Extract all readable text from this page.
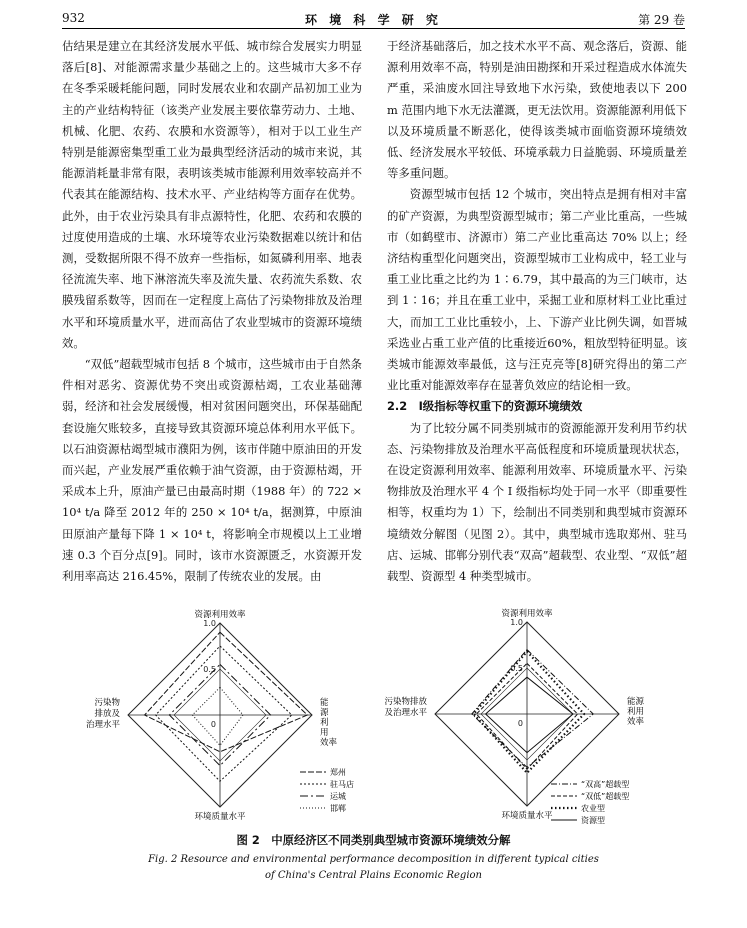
932	环 境 科 学 研 究	第 29 卷

估结果是建立在其经济发展水平低、城市综合发展实力明显落后[8]、对能源需求量少基础之上的。这些城市大多不存在冬季采暖耗能问题，同时发展农业和农副产品初加工业为主的产业结构特征（该类产业发展主要依靠劳动力、土地、机械、化肥、农药、农膜和水资源等），相对于以工业生产特别是能源密集型重工业为最典型经济活动的城市来说，其能源消耗量非常有限，表明该类城市能源利用效率较高并不代表其在能源结构、技术水平、产业结构等方面存在优势。此外，由于农业污染具有非点源特性，化肥、农药和农膜的过度使用造成的土壤、水环境等农业污染数据难以统计和估测，受数据所限不得不放弃一些指标，如氮磷利用率、地表径流流失率、地下淋溶流失率及流失量、农药流失系数、农膜残留系数等，因而在一定程度上高估了污染物排放及治理水平和环境质量水平，进而高估了农业型城市的资源环境绩效。

“双低”超载型城市包括 8 个城市，这些城市由于自然条件相对恶劣、资源优势不突出或资源枯竭，工农业基础薄弱，经济和社会发展缓慢，相对贫困问题突出，环保基础配套设施欠账较多，直接导致其资源环境总体利用水平低下。以石油资源枯竭型城市濮阳为例，该市伴随中原油田的开发而兴起，产业发展严重依赖于油气资源，由于资源枯竭，开采成本上升，原油产量已由最高时期（1988 年）的 722 × 10⁴ t/a 降至 2012 年的 250 × 10⁴ t/a，据测算，中原油田原油产量每下降 1 × 10⁴ t，将影响全市规模以上工业增速 0.3 个百分点[9]。同时，该市水资源匮乏，水资源开发利用率高达 216.45%，限制了传统农业的发展。由

于经济基础落后，加之技术水平不高、观念落后，资源、能源利用效率不高，特别是油田勘探和开采过程造成水体流失严重，采油废水回注导致地下水污染，致使地表以下 200 m 范围内地下水无法灌溉，更无法饮用。资源能源利用低下以及环境质量不断恶化，使得该类城市面临资源环境绩效低、经济发展水平较低、环境承载力日益脆弱、环境质量差等多重问题。

资源型城市包括 12 个城市，突出特点是拥有相对丰富的矿产资源，为典型资源型城市；第二产业比重高，一些城市（如鹤壁市、济源市）第二产业比重高达 70% 以上；经济结构重型化问题突出，资源型城市工业构成中，轻工业与重工业比重之比约为 1∶6.79，其中最高的为三门峡市，达到 1∶16；并且在重工业中，采掘工业和原材料工业比重过大，而加工工业比重较小，上、下游产业比例失调，如晋城采选业占重工业产值的比重接近60%，粗放型特征明显。该类城市能源效率最低，这与汪克亮等[8]研究得出的第二产业比重对能源效率存在显著负效应的结论相一致。

2.2　Ⅰ级指标等权重下的资源环境绩效

为了比较分属不同类别城市的资源能源开发利用节约状态、污染物排放及治理水平高低程度和环境质量现状状态，在设定资源利用效率、能源利用效率、环境质量水平、污染物排放及治理水平 4 个 Ⅰ 级指标均处于同一水平（即重要性相等，权重均为 1）下，绘制出不同类别和典型城市资源环境绩效分解图（见图 2）。其中，典型城市选取郑州、驻马店、运城、邯郸分别代表“双高”超载型、农业型、“双低”超载型、资源型 4 种类型城市。

0
0.5
1.0
资源利用效率
环境质量水平
能
源
利
用
效率
污染物
排放及
治理水平
郑州
驻马店
运城
邯郸
0
0.5
1.0
资源利用效率
环境质量水平
能源
利用
效率
污染物排放
及治理水平
“双高”超载型
“双低”超载型
农业型
资源型
图 2　中原经济区不同类别典型城市资源环境绩效分解
Fig. 2 Resource and environmental performance decomposition in different typical cities
of China's Central Plains Economic Region
